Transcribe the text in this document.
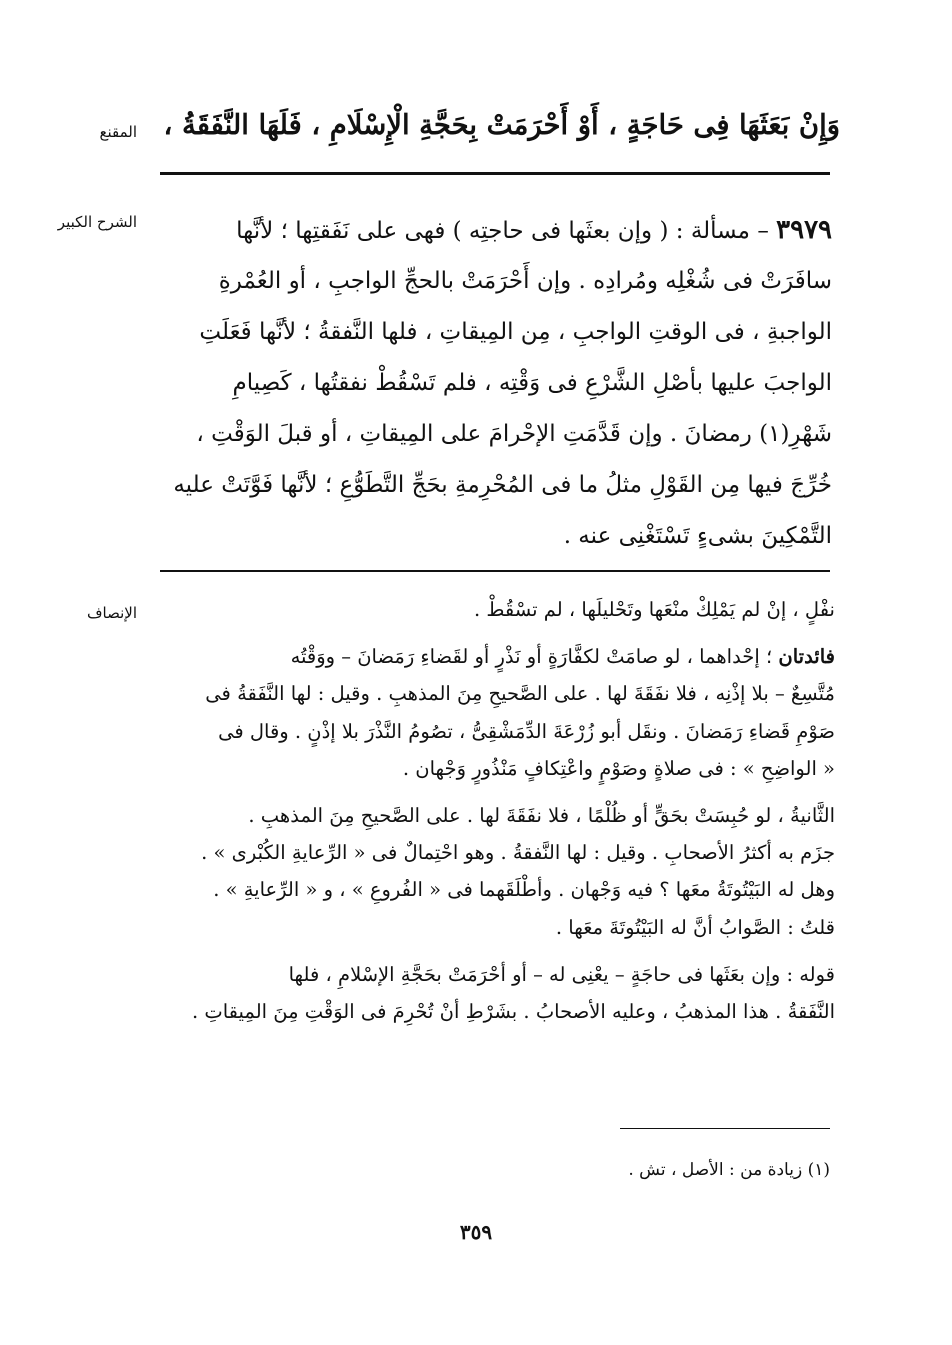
المقنع وَإِنْ بَعَثَهَا فِى حَاجَةٍ ، أَوْ أَحْرَمَتْ بِحَجَّةِ الْإِسْلَامِ ، فَلَهَا النَّفَقَةُ ،
الشرح الكبير	٣٩٧٩ – مسألة : ( وإن بعثَها فى حاجتِه ) فهى على نَفَقتِها ؛ لأنَّها
سافَرَتْ فى شُغْلِه ومُرادِه . وإن أَحْرَمَتْ بالحجِّ الواجبِ ، أو العُمْرةِ
الواجبةِ ، فى الوقتِ الواجبِ ، مِن المِيقاتِ ، فلها النَّفقةُ ؛ لأنَّها فَعَلَتِ
الواجبَ عليها بأصْلِ الشَّرْعِ فى وَقْتِه ، فلم تَسْقُطْ نفقتُها ، كَصِيامِ
شَهْرِ(١) رمضانَ . وإن قَدَّمَتِ الإحْرامَ على المِيقاتِ ، أو قبلَ الوَقْتِ ،
خُرِّجَ فيها مِن القَوْلِ مثلُ ما فى المُحْرِمةِ بحَجِّ التَّطَوُّعِ ؛ لأنَّها فَوَّتَتْ عليه
التَّمْكِينَ بشىءٍ تَسْتَغْنِى عنه .
الإنصاف	نفْلٍ ، إنْ لم يَمْلِكْ منْعَها وتَحْليلَها ، لم تسْقُطْ .
فائدتان ؛ إحْداهما ، لو صامَتْ لكفَّارَةٍ أو نَذْرٍ أو لقَضاءِ رَمَضانَ – ووَقْتُه
مُتَّسِعٌ – بلا إذْنِه ، فلا نفَقَةَ لها . على الصَّحيحِ مِنَ المذهبِ . وقيل : لها النَّفَقةُ فى
صَوْمِ قَضاءِ رَمَضانَ . ونقَل أبو زُرْعَةَ الدِّمَشْقِىُّ ، تصُومُ النَّذْرَ بلا إذْنٍ . وقال فى
« الواضِحِ » : فى صلاةٍ وصَوْمٍ واعْتِكافٍ مَنْذُورٍ وَجْهان .
الثَّانيةُ ، لو حُبِسَتْ بحَقٍّ أو ظُلْمًا ، فلا نفَقَةَ لها . على الصَّحيحِ مِنَ المذهبِ .
جزَم به أكثرُ الأصحابِ . وقيل : لها النَّفقةُ . وهو احْتِمالٌ فى « الرِّعايةِ الكُبْرى » .
وهل له البَيْتُوتَةُ معَها ؟ فيه وَجْهان . وأطْلَقَهما فى « الفُروعِ » ، و « الرِّعايةِ » .
قلتُ : الصَّوابُ أنَّ له البَيْتُوتَةَ معَها .
قوله : وإن بعَثَها فى حاجَةٍ – يعْنِى له – أو أحْرَمَتْ بحَجَّةِ الإسْلامِ ، فلها
النَّفَقةُ . هذا المذهبُ ، وعليه الأصحابُ . بشَرْطِ أنْ تُحْرِمَ فى الوَقْتِ مِنَ المِيقاتِ .
(١) زيادة من : الأصل ، تش .
٣٥٩
